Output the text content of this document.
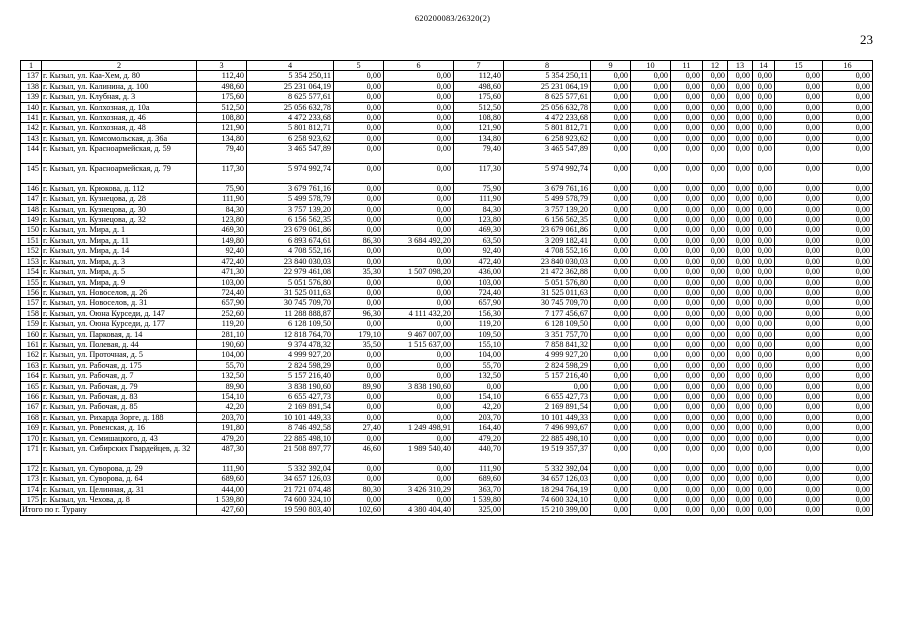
620200083/26320(2)
23
1	2	3	4	5	6	7	8	9	10	11	12	13	14	15	16
137	г. Кызыл, ул. Каа-Хем, д. 80	112,40	5 354 250,11	0,00	0,00	112,40	5 354 250,11	0,00	0,00	0,00	0,00	0,00	0,00	0,00	0,00
138	г. Кызыл, ул. Калинина, д. 100	498,60	25 231 064,19	0,00	0,00	498,60	25 231 064,19	0,00	0,00	0,00	0,00	0,00	0,00	0,00	0,00
139	г. Кызыл, ул. Клубная, д. 3	175,60	8 625 577,61	0,00	0,00	175,60	8 625 577,61	0,00	0,00	0,00	0,00	0,00	0,00	0,00	0,00
140	г. Кызыл, ул. Колхозная, д. 10а	512,50	25 056 632,78	0,00	0,00	512,50	25 056 632,78	0,00	0,00	0,00	0,00	0,00	0,00	0,00	0,00
141	г. Кызыл, ул. Колхозная, д. 46	108,80	4 472 233,68	0,00	0,00	108,80	4 472 233,68	0,00	0,00	0,00	0,00	0,00	0,00	0,00	0,00
142	г. Кызыл, ул. Колхозная, д. 48	121,90	5 801 812,71	0,00	0,00	121,90	5 801 812,71	0,00	0,00	0,00	0,00	0,00	0,00	0,00	0,00
143	г. Кызыл, ул. Комсомольская, д. 36а	134,80	6 258 923,62	0,00	0,00	134,80	6 258 923,62	0,00	0,00	0,00	0,00	0,00	0,00	0,00	0,00
144	г. Кызыл, ул. Красноармейская, д. 59	79,40	3 465 547,89	0,00	0,00	79,40	3 465 547,89	0,00	0,00	0,00	0,00	0,00	0,00	0,00	0,00
145	г. Кызыл, ул. Красноармейская, д. 79	117,30	5 974 992,74	0,00	0,00	117,30	5 974 992,74	0,00	0,00	0,00	0,00	0,00	0,00	0,00	0,00
146	г. Кызыл, ул. Крюкова, д. 112	75,90	3 679 761,16	0,00	0,00	75,90	3 679 761,16	0,00	0,00	0,00	0,00	0,00	0,00	0,00	0,00
147	г. Кызыл, ул. Кузнецова, д. 28	111,90	5 499 578,79	0,00	0,00	111,90	5 499 578,79	0,00	0,00	0,00	0,00	0,00	0,00	0,00	0,00
148	г. Кызыл, ул. Кузнецова, д. 30	84,30	3 757 139,20	0,00	0,00	84,30	3 757 139,20	0,00	0,00	0,00	0,00	0,00	0,00	0,00	0,00
149	г. Кызыл, ул. Кузнецова, д. 32	123,80	6 156 562,35	0,00	0,00	123,80	6 156 562,35	0,00	0,00	0,00	0,00	0,00	0,00	0,00	0,00
150	г. Кызыл, ул. Мира, д. 1	469,30	23 679 061,86	0,00	0,00	469,30	23 679 061,86	0,00	0,00	0,00	0,00	0,00	0,00	0,00	0,00
151	г. Кызыл, ул. Мира, д. 11	149,80	6 893 674,61	86,30	3 684 492,20	63,50	3 209 182,41	0,00	0,00	0,00	0,00	0,00	0,00	0,00	0,00
152	г. Кызыл, ул. Мира, д. 14	92,40	4 708 552,16	0,00	0,00	92,40	4 708 552,16	0,00	0,00	0,00	0,00	0,00	0,00	0,00	0,00
153	г. Кызыл, ул. Мира, д. 3	472,40	23 840 030,03	0,00	0,00	472,40	23 840 030,03	0,00	0,00	0,00	0,00	0,00	0,00	0,00	0,00
154	г. Кызыл, ул. Мира, д. 5	471,30	22 979 461,08	35,30	1 507 098,20	436,00	21 472 362,88	0,00	0,00	0,00	0,00	0,00	0,00	0,00	0,00
155	г. Кызыл, ул. Мира, д. 9	103,00	5 051 576,80	0,00	0,00	103,00	5 051 576,80	0,00	0,00	0,00	0,00	0,00	0,00	0,00	0,00
156	г. Кызыл, ул. Новоселов, д. 26	724,40	31 525 011,63	0,00	0,00	724,40	31 525 011,63	0,00	0,00	0,00	0,00	0,00	0,00	0,00	0,00
157	г. Кызыл, ул. Новоселов, д. 31	657,90	30 745 709,70	0,00	0,00	657,90	30 745 709,70	0,00	0,00	0,00	0,00	0,00	0,00	0,00	0,00
158	г. Кызыл, ул. Оюна Курседи, д. 147	252,60	11 288 888,87	96,30	4 111 432,20	156,30	7 177 456,67	0,00	0,00	0,00	0,00	0,00	0,00	0,00	0,00
159	г. Кызыл, ул. Оюна Курседи, д. 177	119,20	6 128 109,50	0,00	0,00	119,20	6 128 109,50	0,00	0,00	0,00	0,00	0,00	0,00	0,00	0,00
160	г. Кызыл, ул. Парковая, д. 14	281,10	12 818 764,70	179,10	9 467 007,00	109,50	3 351 757,70	0,00	0,00	0,00	0,00	0,00	0,00	0,00	0,00
161	г. Кызыл, ул. Полевая, д. 44	190,60	9 374 478,32	35,50	1 515 637,00	155,10	7 858 841,32	0,00	0,00	0,00	0,00	0,00	0,00	0,00	0,00
162	г. Кызыл, ул. Проточная, д. 5	104,00	4 999 927,20	0,00	0,00	104,00	4 999 927,20	0,00	0,00	0,00	0,00	0,00	0,00	0,00	0,00
163	г. Кызыл, ул. Рабочая, д. 175	55,70	2 824 598,29	0,00	0,00	55,70	2 824 598,29	0,00	0,00	0,00	0,00	0,00	0,00	0,00	0,00
164	г. Кызыл, ул. Рабочая, д. 7	132,50	5 157 216,40	0,00	0,00	132,50	5 157 216,40	0,00	0,00	0,00	0,00	0,00	0,00	0,00	0,00
165	г. Кызыл, ул. Рабочая, д. 79	89,90	3 838 190,60	89,90	3 838 190,60	0,00	0,00	0,00	0,00	0,00	0,00	0,00	0,00	0,00	0,00
166	г. Кызыл, ул. Рабочая, д. 83	154,10	6 655 427,73	0,00	0,00	154,10	6 655 427,73	0,00	0,00	0,00	0,00	0,00	0,00	0,00	0,00
167	г. Кызыл, ул. Рабочая, д. 85	42,20	2 169 891,54	0,00	0,00	42,20	2 169 891,54	0,00	0,00	0,00	0,00	0,00	0,00	0,00	0,00
168	г. Кызыл, ул. Рихарда Зорге, д. 188	203,70	10 101 449,33	0,00	0,00	203,70	10 101 449,33	0,00	0,00	0,00	0,00	0,00	0,00	0,00	0,00
169	г. Кызыл, ул. Ровенская, д. 16	191,80	8 746 492,58	27,40	1 249 498,91	164,40	7 496 993,67	0,00	0,00	0,00	0,00	0,00	0,00	0,00	0,00
170	г. Кызыл, ул. Семишацкого, д. 43	479,20	22 885 498,10	0,00	0,00	479,20	22 885 498,10	0,00	0,00	0,00	0,00	0,00	0,00	0,00	0,00
171	г. Кызыл, ул. Сибирских Гвардейцев, д. 32	487,30	21 508 897,77	46,60	1 989 540,40	440,70	19 519 357,37	0,00	0,00	0,00	0,00	0,00	0,00	0,00	0,00
172	г. Кызыл, ул. Суворова, д. 29	111,90	5 332 392,04	0,00	0,00	111,90	5 332 392,04	0,00	0,00	0,00	0,00	0,00	0,00	0,00	0,00
173	г. Кызыл, ул. Суворова, д. 64	689,60	34 657 126,03	0,00	0,00	689,60	34 657 126,03	0,00	0,00	0,00	0,00	0,00	0,00	0,00	0,00
174	г. Кызыл, ул. Целинная, д. 31	444,00	21 721 074,48	80,30	3 426 310,29	363,70	18 294 764,19	0,00	0,00	0,00	0,00	0,00	0,00	0,00	0,00
175	г. Кызыл, ул. Чехова, д. 8	1 539,80	74 600 324,10	0,00	0,00	1 539,80	74 600 324,10	0,00	0,00	0,00	0,00	0,00	0,00	0,00	0,00
Итого по г. Турану		427,60	19 590 803,40	102,60	4 380 404,40	325,00	15 210 399,00	0,00	0,00	0,00	0,00	0,00	0,00	0,00	0,00
